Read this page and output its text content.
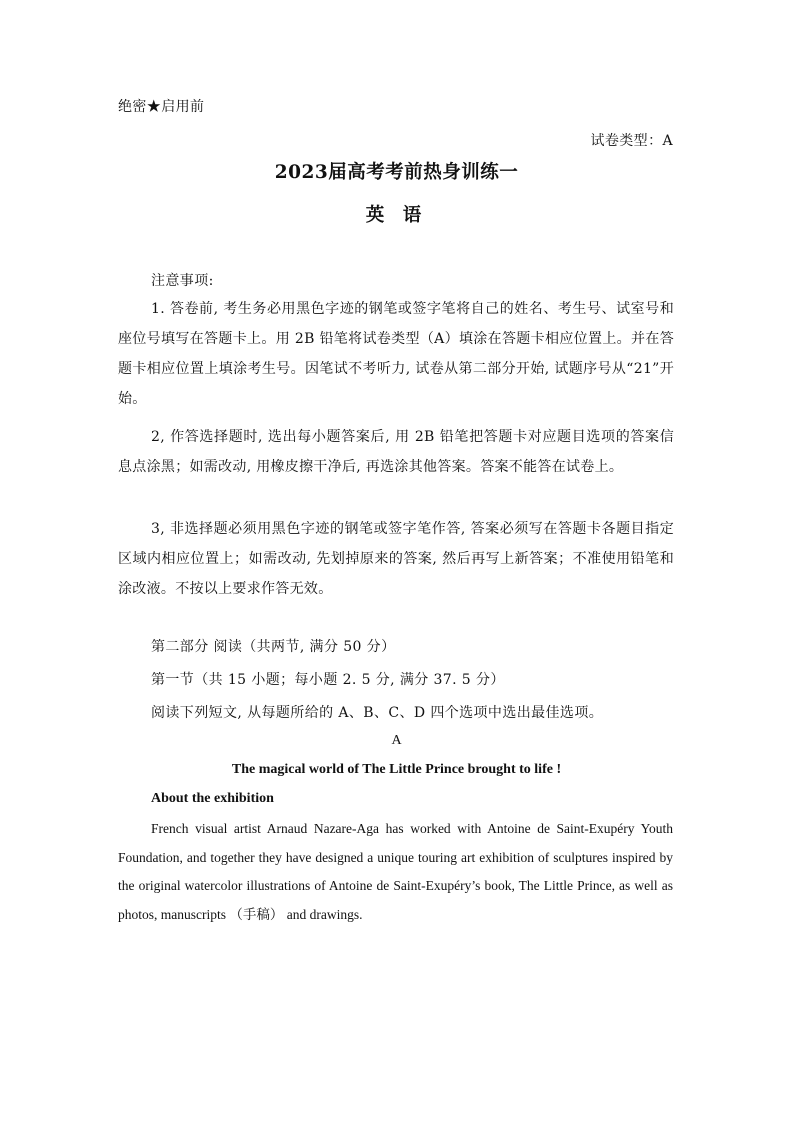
绝密★启用前
试卷类型：A
2023届高考考前热身训练一
英 语
注意事项:
1. 答卷前, 考生务必用黑色字迹的钢笔或签字笔将自己的姓名、考生号、试室号和座位号填写在答题卡上。用 2B 铅笔将试卷类型（A）填涂在答题卡相应位置上。并在答题卡相应位置上填涂考生号。因笔试不考听力, 试卷从第二部分开始, 试题序号从“21”开始。
2, 作答选择题时, 选出每小题答案后, 用 2B 铅笔把答题卡对应题目选项的答案信息点涂黑；如需改动, 用橡皮擦干净后, 再选涂其他答案。答案不能答在试卷上。
3, 非选择题必须用黑色字迹的钢笔或签字笔作答, 答案必须写在答题卡各题目指定区域内相应位置上；如需改动, 先划掉原来的答案, 然后再写上新答案；不准使用铅笔和涂改液。不按以上要求作答无效。
第二部分 阅读（共两节, 满分 50 分）
第一节（共 15 小题；每小题 2. 5 分, 满分 37. 5 分）
阅读下列短文, 从每题所给的 A、B、C、D 四个选项中选出最佳选项。
A
The magical world of The Little Prince brought to life !
About the exhibition
French visual artist Arnaud Nazare-Aga has worked with Antoine de Saint-Exupéry Youth Foundation, and together they have designed a unique touring art exhibition of sculptures inspired by the original watercolor illustrations of Antoine de Saint-Exupéry’s book, The Little Prince, as well as photos, manuscripts （手稿） and drawings.
